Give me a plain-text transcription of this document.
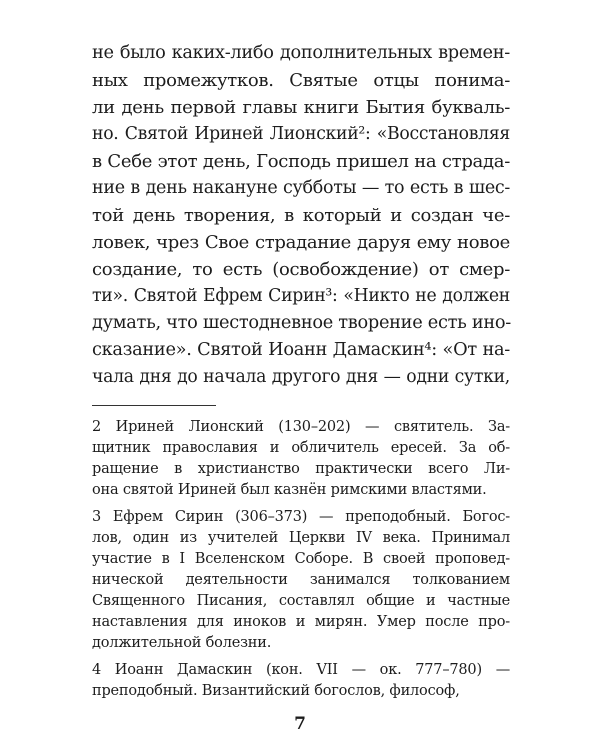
не было каких-либо дополнительных времен-
ных промежутков. Святые отцы понима-
ли день первой главы книги Бытия букваль-
но. Святой Ириней Лионский²: «Восстановляя
в Себе этот день, Господь пришел на страда-
ние в день накануне субботы — то есть в шес-
той день творения, в который и создан че-
ловек, чрез Свое страдание даруя ему новое
создание, то есть (освобождение) от смер-
ти». Святой Ефрем Сирин³: «Никто не должен
думать, что шестодневное творение есть ино-
сказание». Святой Иоанн Дамаскин⁴: «От на-
чала дня до начала другого дня — одни сутки,
2 Ириней Лионский (130–202) — святитель. За-
щитник православия и обличитель ересей. За об-
ращение в христианство практически всего Ли-
она святой Ириней был казнён римскими властями.
3 Ефрем Сирин (306–373) — преподобный. Богос-
лов, один из учителей Церкви IV века. Принимал
участие в I Вселенском Соборе. В своей проповед-
нической деятельности занимался толкованием
Священного Писания, составлял общие и частные
наставления для иноков и мирян. Умер после про-
должительной болезни.
4 Иоанн Дамаскин (кон. VII — ок. 777–780) —
преподобный. Византийский богослов, философ,
7
